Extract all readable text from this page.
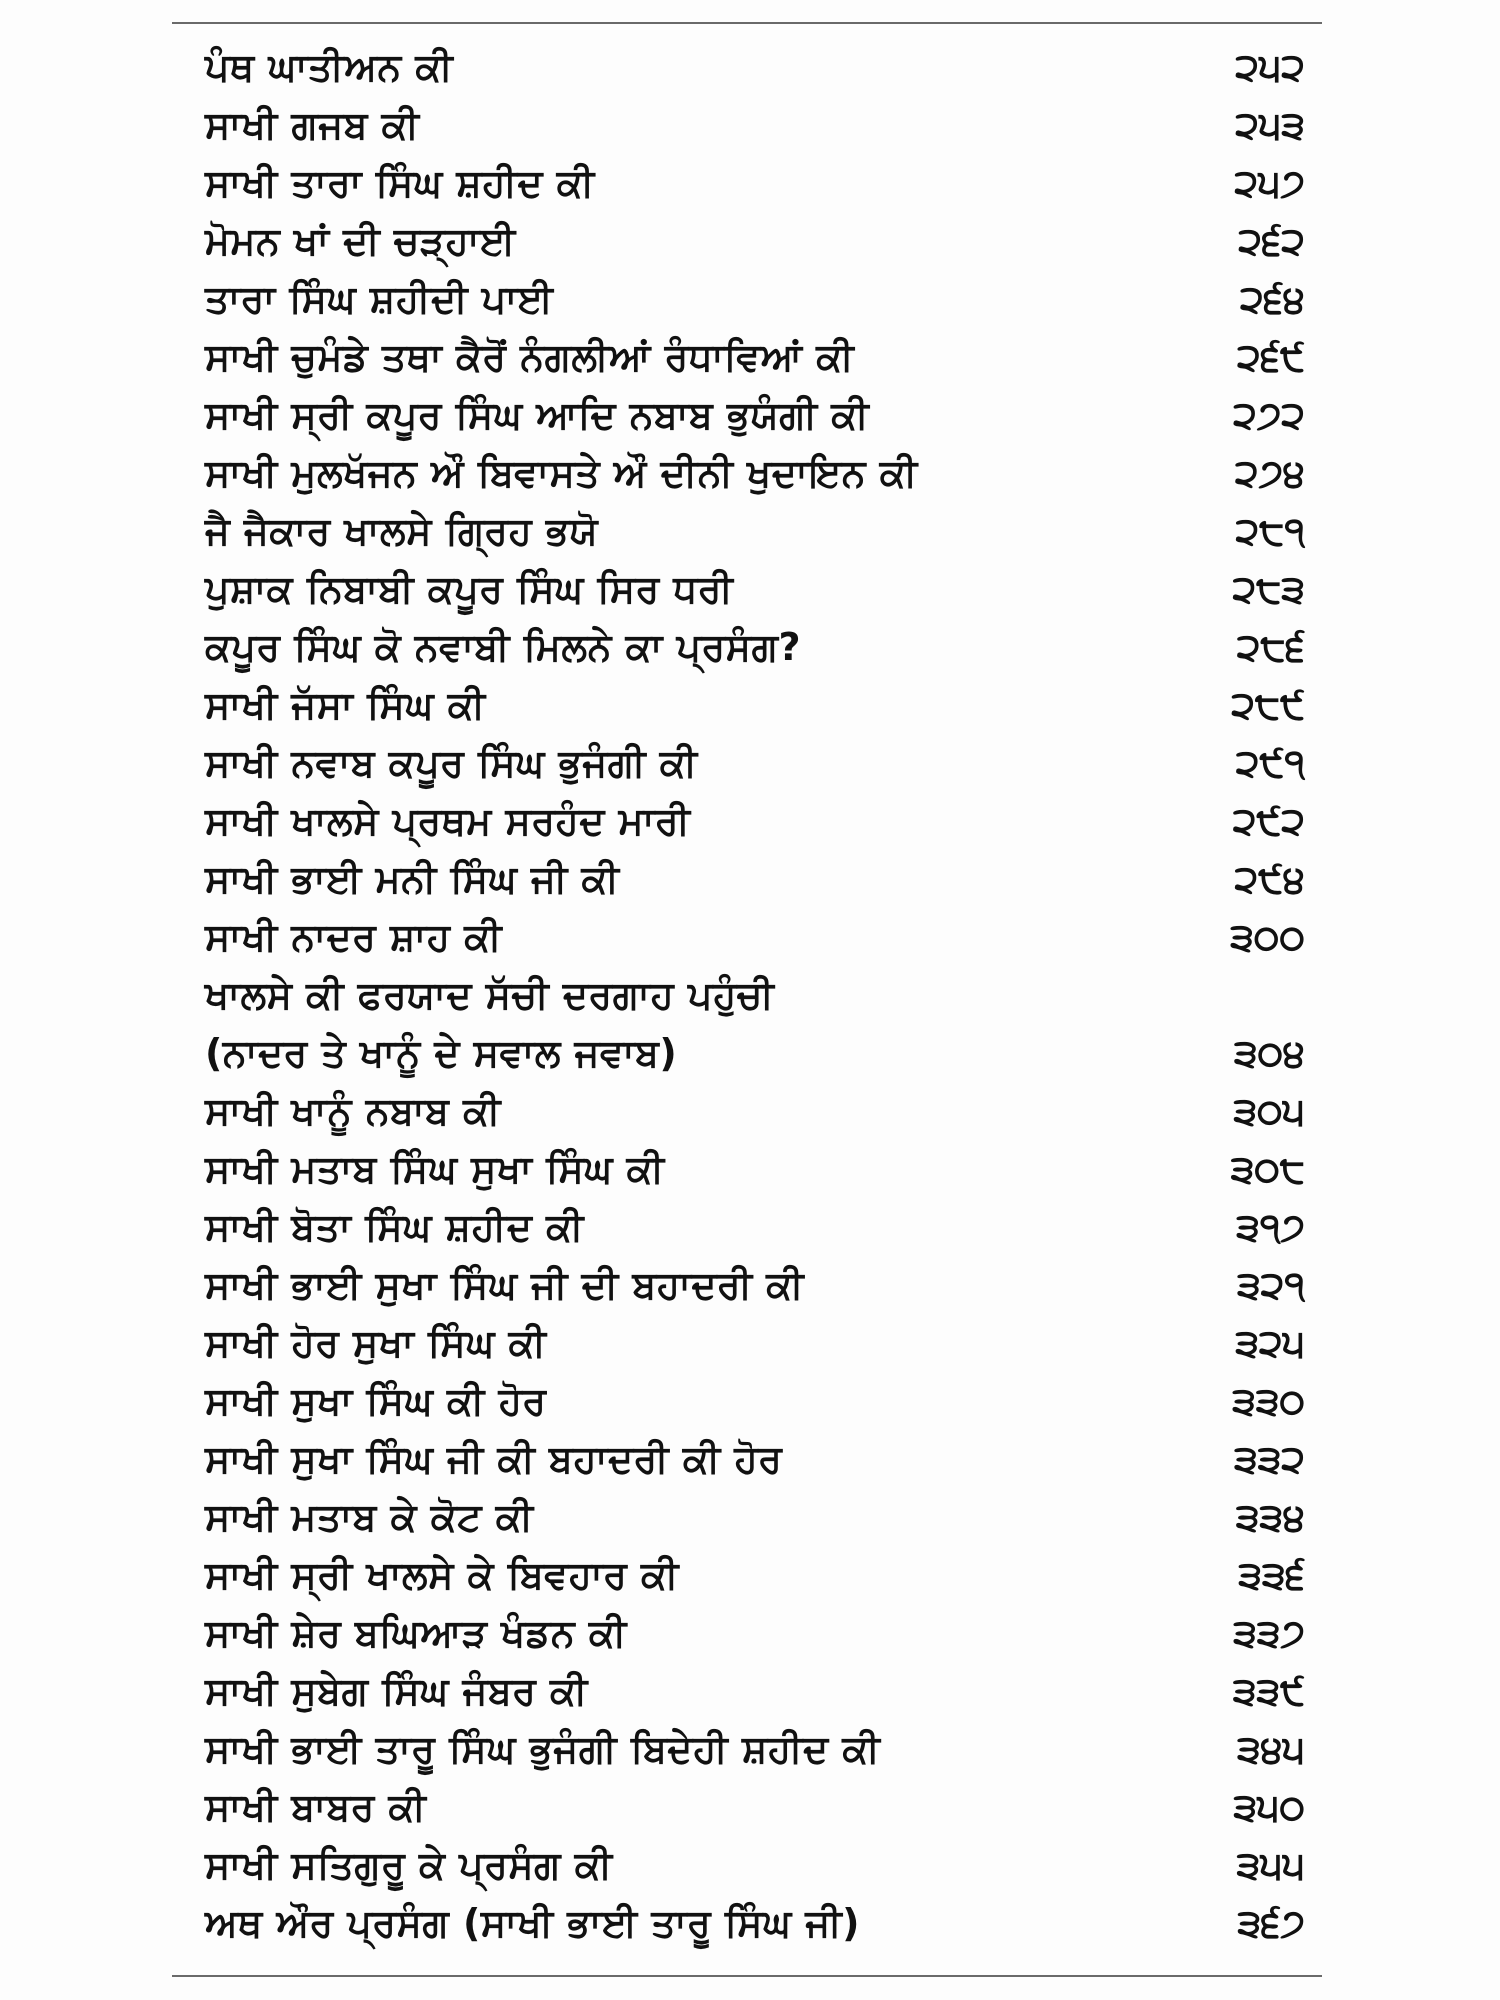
ਪੰਥ ਘਾਤੀਅਨ ਕੀ	੨੫੨
ਸਾਖੀ ਗਜਬ ਕੀ	੨੫੩
ਸਾਖੀ ਤਾਰਾ ਸਿੰਘ ਸ਼ਹੀਦ ਕੀ	੨੫੭
ਮੋਮਨ ਖਾਂ ਦੀ ਚੜ੍ਹਾਈ	੨੬੨
ਤਾਰਾ ਸਿੰਘ ਸ਼ਹੀਦੀ ਪਾਈ	੨੬੪
ਸਾਖੀ ਚੁਮੰਡੇ ਤਥਾ ਕੈਰੋਂ ਨੰਗਲੀਆਂ ਰੰਧਾਵਿਆਂ ਕੀ	੨੬੯
ਸਾਖੀ ਸ੍ਰੀ ਕਪੂਰ ਸਿੰਘ ਆਦਿ ਨਬਾਬ ਭੁਯੰਗੀ ਕੀ	੨੭੨
ਸਾਖੀ ਮੁਲਖੱਜਨ ਔ ਬਿਵਾਸਤੇ ਔ ਦੀਨੀ ਖੁਦਾਇਨ ਕੀ	੨੭੪
ਜੈ ਜੈਕਾਰ ਖਾਲਸੇ ਗ੍ਰਿਹ ਭਯੋ	੨੮੧
ਪੁਸ਼ਾਕ ਨਿਬਾਬੀ ਕਪੂਰ ਸਿੰਘ ਸਿਰ ਧਰੀ	੨੮੩
ਕਪੂਰ ਸਿੰਘ ਕੋ ਨਵਾਬੀ ਮਿਲਨੇ ਕਾ ਪ੍ਰਸੰਗ?	੨੮੬
ਸਾਖੀ ਜੱਸਾ ਸਿੰਘ ਕੀ	੨੮੯
ਸਾਖੀ ਨਵਾਬ ਕਪੂਰ ਸਿੰਘ ਭੁਜੰਗੀ ਕੀ	੨੯੧
ਸਾਖੀ ਖਾਲਸੇ ਪ੍ਰਥਮ ਸਰਹੰਦ ਮਾਰੀ	੨੯੨
ਸਾਖੀ ਭਾਈ ਮਨੀ ਸਿੰਘ ਜੀ ਕੀ	੨੯੪
ਸਾਖੀ ਨਾਦਰ ਸ਼ਾਹ ਕੀ	੩੦੦
ਖਾਲਸੇ ਕੀ ਫਰਯਾਦ ਸੱਚੀ ਦਰਗਾਹ ਪਹੁੰਚੀ
(ਨਾਦਰ ਤੇ ਖਾਨੂੰ ਦੇ ਸਵਾਲ ਜਵਾਬ)	੩੦੪
ਸਾਖੀ ਖਾਨੂੰ ਨਬਾਬ ਕੀ	੩੦੫
ਸਾਖੀ ਮਤਾਬ ਸਿੰਘ ਸੁਖਾ ਸਿੰਘ ਕੀ	੩੦੮
ਸਾਖੀ ਬੋਤਾ ਸਿੰਘ ਸ਼ਹੀਦ ਕੀ	੩੧੭
ਸਾਖੀ ਭਾਈ ਸੁਖਾ ਸਿੰਘ ਜੀ ਦੀ ਬਹਾਦਰੀ ਕੀ	੩੨੧
ਸਾਖੀ ਹੋਰ ਸੁਖਾ ਸਿੰਘ ਕੀ	੩੨੫
ਸਾਖੀ ਸੁਖਾ ਸਿੰਘ ਕੀ ਹੋਰ	੩੩੦
ਸਾਖੀ ਸੁਖਾ ਸਿੰਘ ਜੀ ਕੀ ਬਹਾਦਰੀ ਕੀ ਹੋਰ	੩੩੨
ਸਾਖੀ ਮਤਾਬ ਕੇ ਕੋਟ ਕੀ	੩੩੪
ਸਾਖੀ ਸ੍ਰੀ ਖਾਲਸੇ ਕੇ ਬਿਵਹਾਰ ਕੀ	੩੩੬
ਸਾਖੀ ਸ਼ੇਰ ਬਘਿਆੜ ਖੰਡਨ ਕੀ	੩੩੭
ਸਾਖੀ ਸੁਬੇਗ ਸਿੰਘ ਜੰਬਰ ਕੀ	੩੩੯
ਸਾਖੀ ਭਾਈ ਤਾਰੂ ਸਿੰਘ ਭੁਜੰਗੀ ਬਿਦੇਹੀ ਸ਼ਹੀਦ ਕੀ	੩੪੫
ਸਾਖੀ ਬਾਬਰ ਕੀ	੩੫੦
ਸਾਖੀ ਸਤਿਗੁਰੂ ਕੇ ਪ੍ਰਸੰਗ ਕੀ	੩੫੫
ਅਥ ਔਰ ਪ੍ਰਸੰਗ (ਸਾਖੀ ਭਾਈ ਤਾਰੂ ਸਿੰਘ ਜੀ)	੩੬੭
